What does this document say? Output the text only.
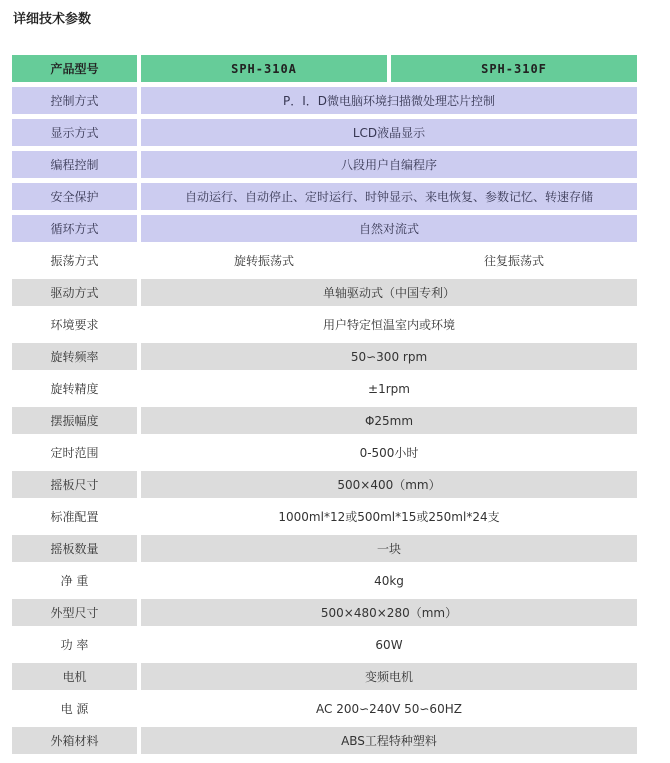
详细技术参数
产品型号	SPH-310A	SPH-310F
控制方式	P．I．D微电脑环境扫描微处理芯片控制
显示方式	LCD液晶显示
编程控制	八段用户自编程序
安全保护	自动运行、自动停止、定时运行、时钟显示、来电恢复、参数记忆、转速存储
循环方式	自然对流式
振荡方式	旋转振荡式	往复振荡式
驱动方式	单轴驱动式（中国专利）
环境要求	用户特定恒温室内或环境
旋转频率	50∽300 rpm
旋转精度	±1rpm
摆振幅度	Φ25mm
定时范围	0-500小时
摇板尺寸	500×400（mm）
标准配置	1000ml*12或500ml*15或250ml*24支
摇板数量	一块
净 重	40kg
外型尺寸	500×480×280（mm）
功 率	60W
电机	变频电机
电 源	AC 200∽240V 50∽60HZ
外箱材料	ABS工程特种塑料
